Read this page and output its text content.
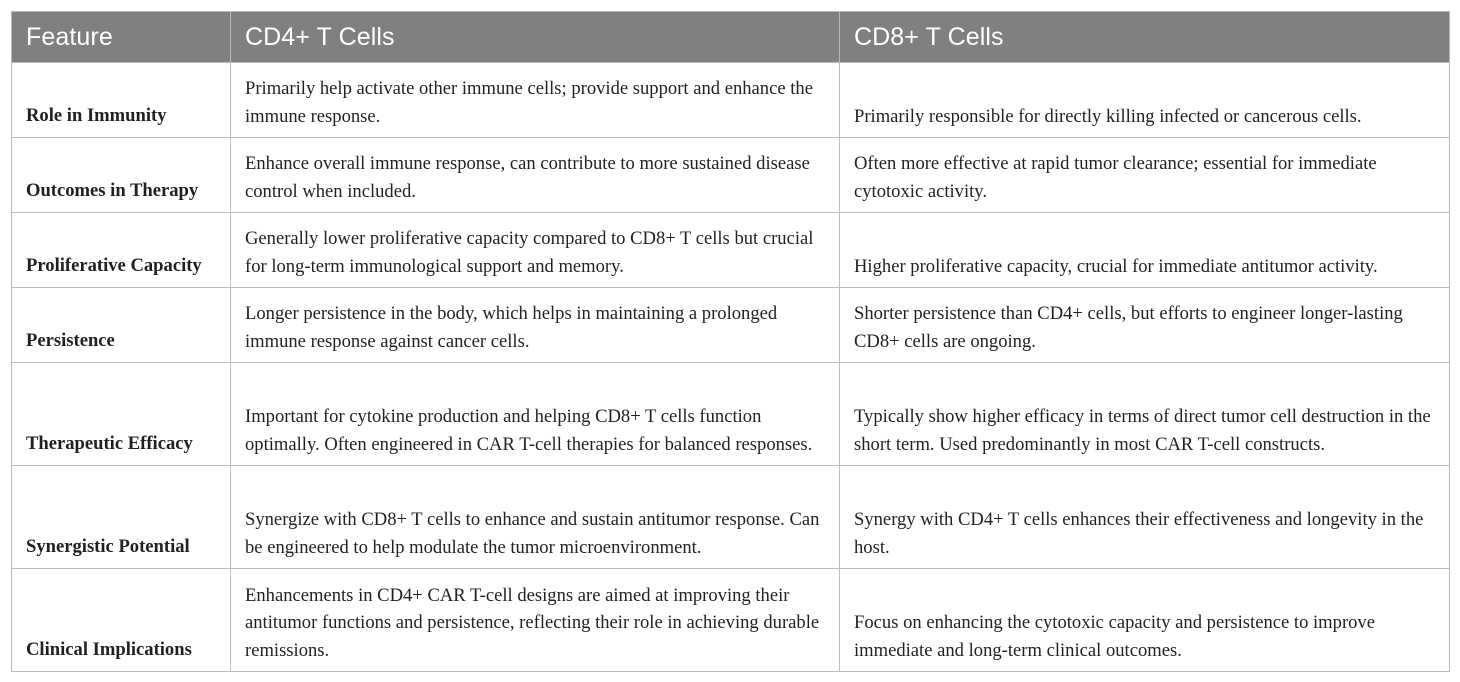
Feature	CD4+ T Cells	CD8+ T Cells
Role in Immunity	Primarily help activate other immune cells; provide support and enhance the immune response.	Primarily responsible for directly killing infected or cancerous cells.
Outcomes in Therapy	Enhance overall immune response, can contribute to more sustained disease control when included.	Often more effective at rapid tumor clearance; essential for immediate cytotoxic activity.
Proliferative Capacity	Generally lower proliferative capacity compared to CD8+ T cells but crucial for long-term immunological support and memory.	Higher proliferative capacity, crucial for immediate antitumor activity.
Persistence	Longer persistence in the body, which helps in maintaining a prolonged immune response against cancer cells.	Shorter persistence than CD4+ cells, but efforts to engineer longer-lasting CD8+ cells are ongoing.
Therapeutic Efficacy	Important for cytokine production and helping CD8+ T cells function optimally. Often engineered in CAR T-cell therapies for balanced responses.	Typically show higher efficacy in terms of direct tumor cell destruction in the short term. Used predominantly in most CAR T-cell constructs.
Synergistic Potential	Synergize with CD8+ T cells to enhance and sustain antitumor response. Can be engineered to help modulate the tumor microenvironment.	Synergy with CD4+ T cells enhances their effectiveness and longevity in the host.
Clinical Implications	Enhancements in CD4+ CAR T-cell designs are aimed at improving their antitumor functions and persistence, reflecting their role in achieving durable remissions.	Focus on enhancing the cytotoxic capacity and persistence to improve immediate and long-term clinical outcomes.
